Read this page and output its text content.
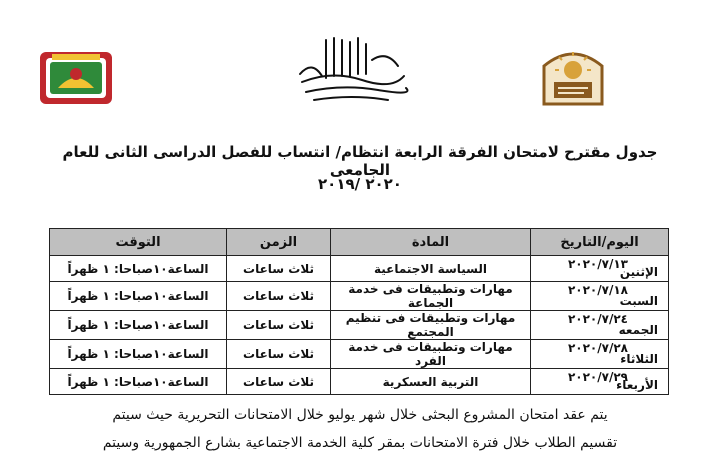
جدول مقترح لامتحان الفرقة الرابعة انتظام/ انتساب للفصل الدراسى الثانى للعام الجامعى
٢٠٢٠ /٢٠١٩
اليوم/التاريخ	المادة	الزمن	التوقت

٢٠٢٠/٧/١٣
الإثنين	السياسة الاجتماعية	ثلاث ساعات	الساعة١٠صباحا: ١ ظهراً

٢٠٢٠/٧/١٨
السبت	مهارات وتطبيقات فى خدمة الجماعة	ثلاث ساعات	الساعة١٠صباحا: ١ ظهراً

٢٠٢٠/٧/٢٤
الجمعه	مهارات وتطبيقات فى تنظيم المجتمع	ثلاث ساعات	الساعة١٠صباحا: ١ ظهراً

٢٠٢٠/٧/٢٨
الثلاثاء	مهارات وتطبيقات فى خدمة الفرد	ثلاث ساعات	الساعة١٠صباحا: ١ ظهراً

٢٠٢٠/٧/٢٩
الأربعاء	التربية العسكرية	ثلاث ساعات	الساعة١٠صباحا: ١ ظهراً
يتم عقد امتحان المشروع البحثى خلال شهر يوليو خلال الامتحانات التحريرية حيث سيتم
تقسيم الطلاب خلال فترة الامتحانات بمقر كلية الخدمة الاجتماعية بشارع الجمهورية وسيتم
